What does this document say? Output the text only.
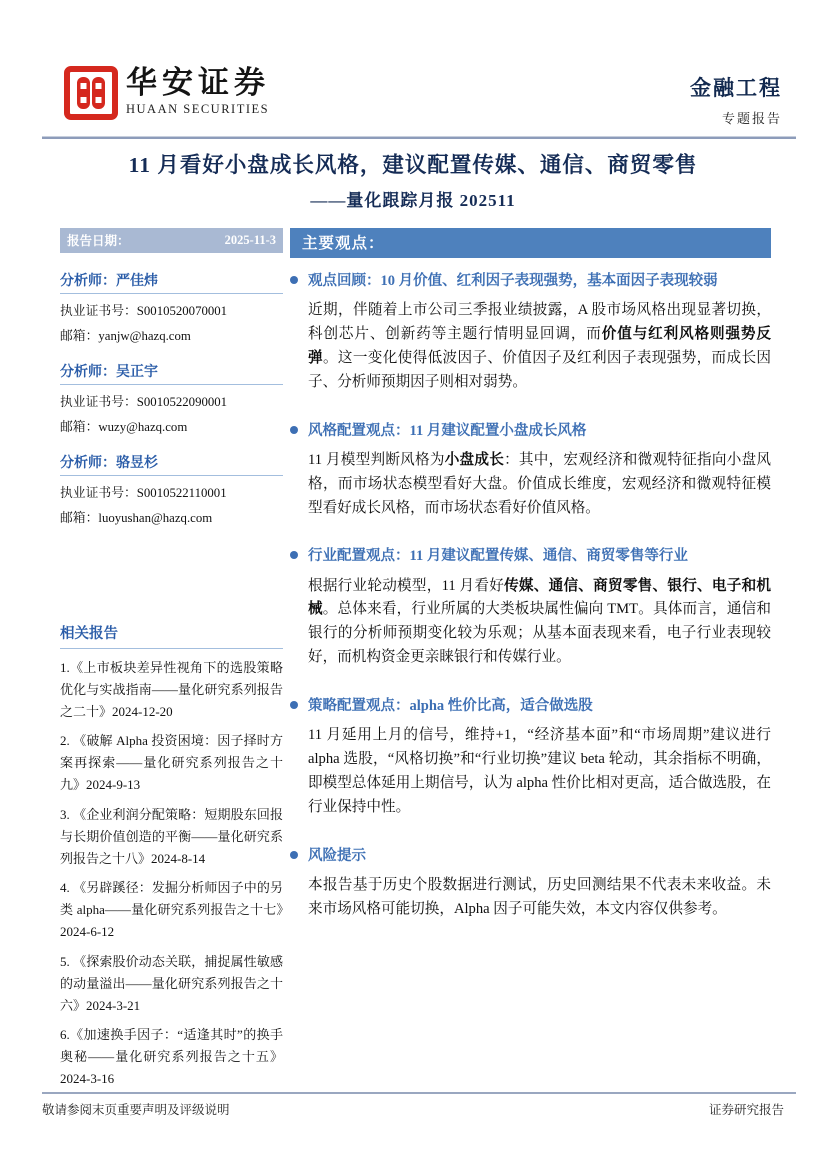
华安证券
HUAAN SECURITIES
金融工程
专题报告
11 月看好小盘成长风格，建议配置传媒、通信、商贸零售
——量化跟踪月报 202511
报告日期：	2025-11-3
分析师：严佳炜
执业证书号：S0010520070001
邮箱：yanjw@hazq.com
分析师：吴正宇
执业证书号：S0010522090001
邮箱：wuzy@hazq.com
分析师：骆昱杉
执业证书号：S0010522110001
邮箱：luoyushan@hazq.com
相关报告
1.《上市板块差异性视角下的选股策略优化与实战指南——量化研究系列报告之二十》2024-12-20
2. 《破解 Alpha 投资困境：因子择时方案再探索——量化研究系列报告之十九》2024-9-13
3. 《企业利润分配策略：短期股东回报与长期价值创造的平衡——量化研究系列报告之十八》2024-8-14
4. 《另辟蹊径：发掘分析师因子中的另类 alpha——量化研究系列报告之十七》2024-6-12
5. 《探索股价动态关联，捕捉属性敏感的动量溢出——量化研究系列报告之十六》2024-3-21
6.《加速换手因子：“适逢其时”的换手奥秘——量化研究系列报告之十五》2024-3-16
主要观点：
观点回顾：10 月价值、红利因子表现强势，基本面因子表现较弱
近期，伴随着上市公司三季报业绩披露，A 股市场风格出现显著切换，科创芯片、创新药等主题行情明显回调，而价值与红利风格则强势反弹。这一变化使得低波因子、价值因子及红利因子表现强势，而成长因子、分析师预期因子则相对弱势。
风格配置观点：11 月建议配置小盘成长风格
11 月模型判断风格为小盘成长：其中，宏观经济和微观特征指向小盘风格，而市场状态模型看好大盘。价值成长维度，宏观经济和微观特征模型看好成长风格，而市场状态看好价值风格。
行业配置观点：11 月建议配置传媒、通信、商贸零售等行业
根据行业轮动模型，11 月看好传媒、通信、商贸零售、银行、电子和机械。总体来看，行业所属的大类板块属性偏向 TMT。具体而言，通信和银行的分析师预期变化较为乐观；从基本面表现来看，电子行业表现较好，而机构资金更亲睐银行和传媒行业。
策略配置观点：alpha 性价比高，适合做选股
11 月延用上月的信号，维持+1，“经济基本面”和“市场周期”建议进行 alpha 选股，“风格切换”和“行业切换”建议 beta 轮动，其余指标不明确，即模型总体延用上期信号，认为 alpha 性价比相对更高，适合做选股，在行业保持中性。
风险提示
本报告基于历史个股数据进行测试，历史回测结果不代表未来收益。未来市场风格可能切换，Alpha 因子可能失效，本文内容仅供参考。
敬请参阅末页重要声明及评级说明	证券研究报告
